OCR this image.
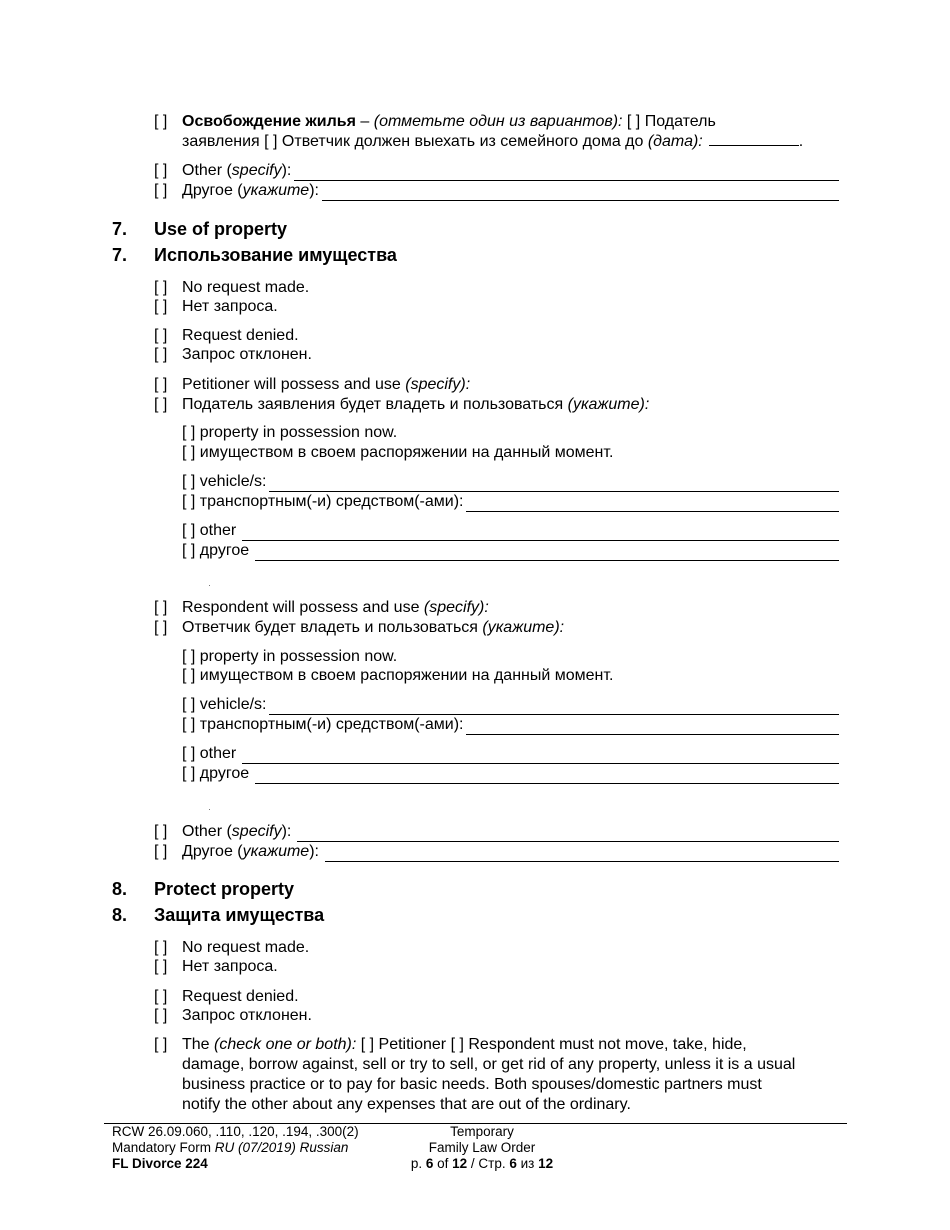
[ ] Освобождение жилья – (отметьте один из вариантов): [ ] Податель
заявления [ ] Ответчик должен выехать из семейного дома до (дата):	.
[ ] Other (specify):
[ ] Другое (укажите):
7. Use of property
7. Использование имущества
[ ] No request made.
[ ] Нет запроса.
[ ] Request denied.
[ ] Запрос отклонен.
[ ] Petitioner will possess and use (specify):
[ ] Податель заявления будет владеть и пользоваться (укажите):
[ ] property in possession now.
[ ] имуществом в своем распоряжении на данный момент.
[ ] vehicle/s:
[ ] транспортным(-и) средством(-ами):
[ ] other
[ ] другое
[ ] Respondent will possess and use (specify):
[ ] Ответчик будет владеть и пользоваться (укажите):
[ ] property in possession now.
[ ] имуществом в своем распоряжении на данный момент.
[ ] vehicle/s:
[ ] транспортным(-и) средством(-ами):
[ ] other
[ ] другое
[ ] Other (specify):
[ ] Другое (укажите):
8. Protect property
8. Защита имущества
[ ] No request made.
[ ] Нет запроса.
[ ] Request denied.
[ ] Запрос отклонен.
[ ] The (check one or both): [ ] Petitioner [ ] Respondent must not move, take, hide,
damage, borrow against, sell or try to sell, or get rid of any property, unless it is a usual
business practice or to pay for basic needs. Both spouses/domestic partners must
notify the other about any expenses that are out of the ordinary.
RCW 26.09.060, .110, .120, .194, .300(2)
Mandatory Form RU (07/2019) Russian
FL Divorce 224
Temporary
Family Law Order
p. 6 of 12 / Стр. 6 из 12
